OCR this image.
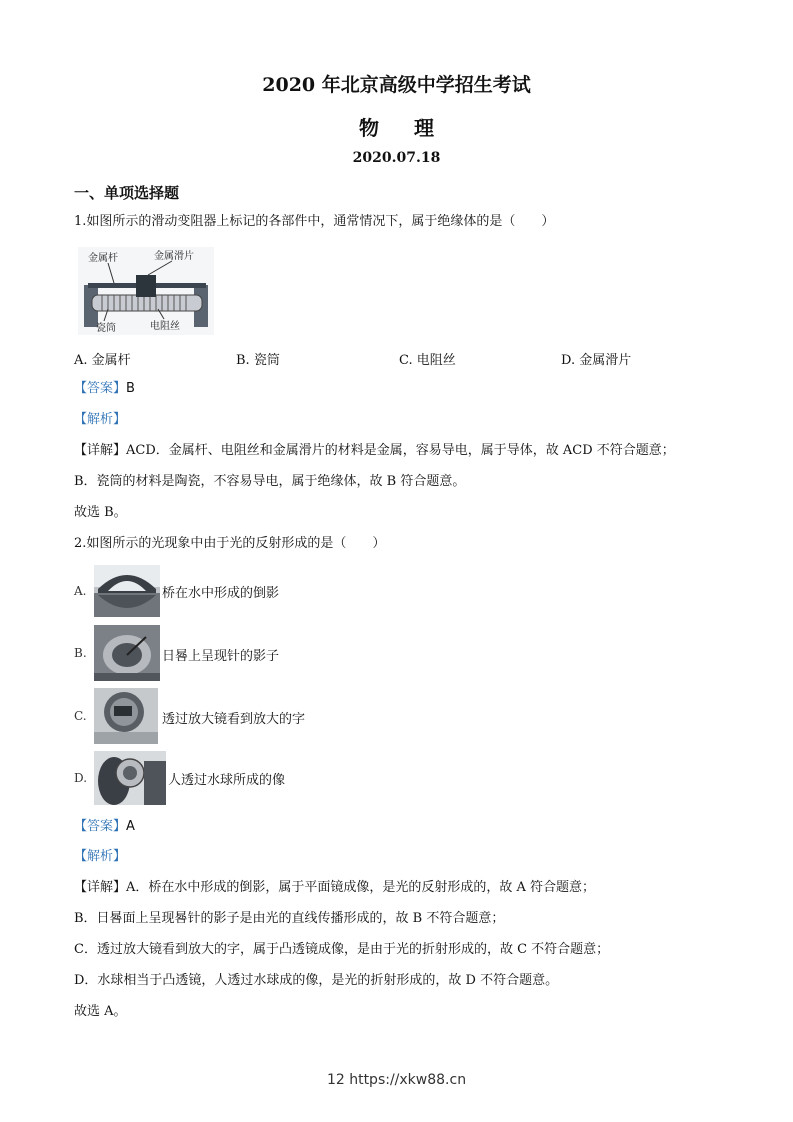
2020 年北京高级中学招生考试
物 理
2020.07.18
一、单项选择题
1.如图所示的滑动变阻器上标记的各部件中，通常情况下，属于绝缘体的是（　　）
金属杆	金属滑片
瓷筒	电阻丝
A. 金属杆	B. 瓷筒	C. 电阻丝	D. 金属滑片
【答案】B
【解析】
【详解】ACD．金属杆、电阻丝和金属滑片的材料是金属，容易导电，属于导体，故 ACD 不符合题意；
B．瓷筒的材料是陶瓷，不容易导电，属于绝缘体，故 B 符合题意。
故选 B。
2.如图所示的光现象中由于光的反射形成的是（　　）
A.	桥在水中形成的倒影
B.	日晷上呈现针的影子
C.	透过放大镜看到放大的字
D.	人透过水球所成的像
【答案】A
【解析】
【详解】A．桥在水中形成的倒影，属于平面镜成像，是光的反射形成的，故 A 符合题意；
B．日晷面上呈现晷针的影子是由光的直线传播形成的，故 B 不符合题意；
C．透过放大镜看到放大的字，属于凸透镜成像，是由于光的折射形成的，故 C 不符合题意；
D．水球相当于凸透镜，人透过水球成的像，是光的折射形成的，故 D 不符合题意。
故选 A。
12 https://xkw88.cn
